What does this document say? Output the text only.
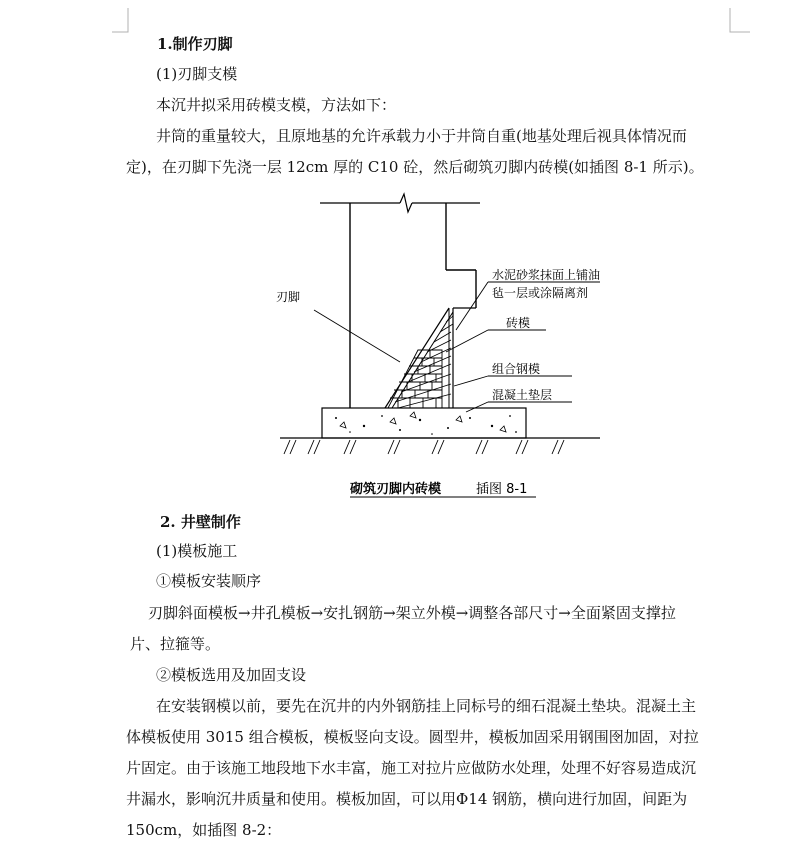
1.制作刃脚
(1)刃脚支模
本沉井拟采用砖模支模，方法如下：
井筒的重量较大，且原地基的允许承载力小于井筒自重(地基处理后视具体情况而
定)，在刃脚下先浇一层 12cm 厚的 C10 砼，然后砌筑刃脚内砖模(如插图 8-1 所示)。
刃脚
水泥砂浆抹面上铺油
毡一层或涂隔离剂
砖模
组合钢模
混凝土垫层
砌筑刃脚内砖模	插图 8-1
2. 井壁制作
(1)模板施工
①模板安装顺序
刃脚斜面模板→井孔模板→安扎钢筋→架立外模→调整各部尺寸→全面紧固支撑拉
片、拉箍等。
②模板选用及加固支设
在安装钢模以前，要先在沉井的内外钢筋挂上同标号的细石混凝土垫块。混凝土主
体模板使用 3015 组合模板，模板竖向支设。圆型井，模板加固采用钢围囹加固，对拉
片固定。由于该施工地段地下水丰富，施工对拉片应做防水处理，处理不好容易造成沉
井漏水，影响沉井质量和使用。模板加固，可以用Φ14 钢筋，横向进行加固，间距为
150cm，如插图 8-2：
